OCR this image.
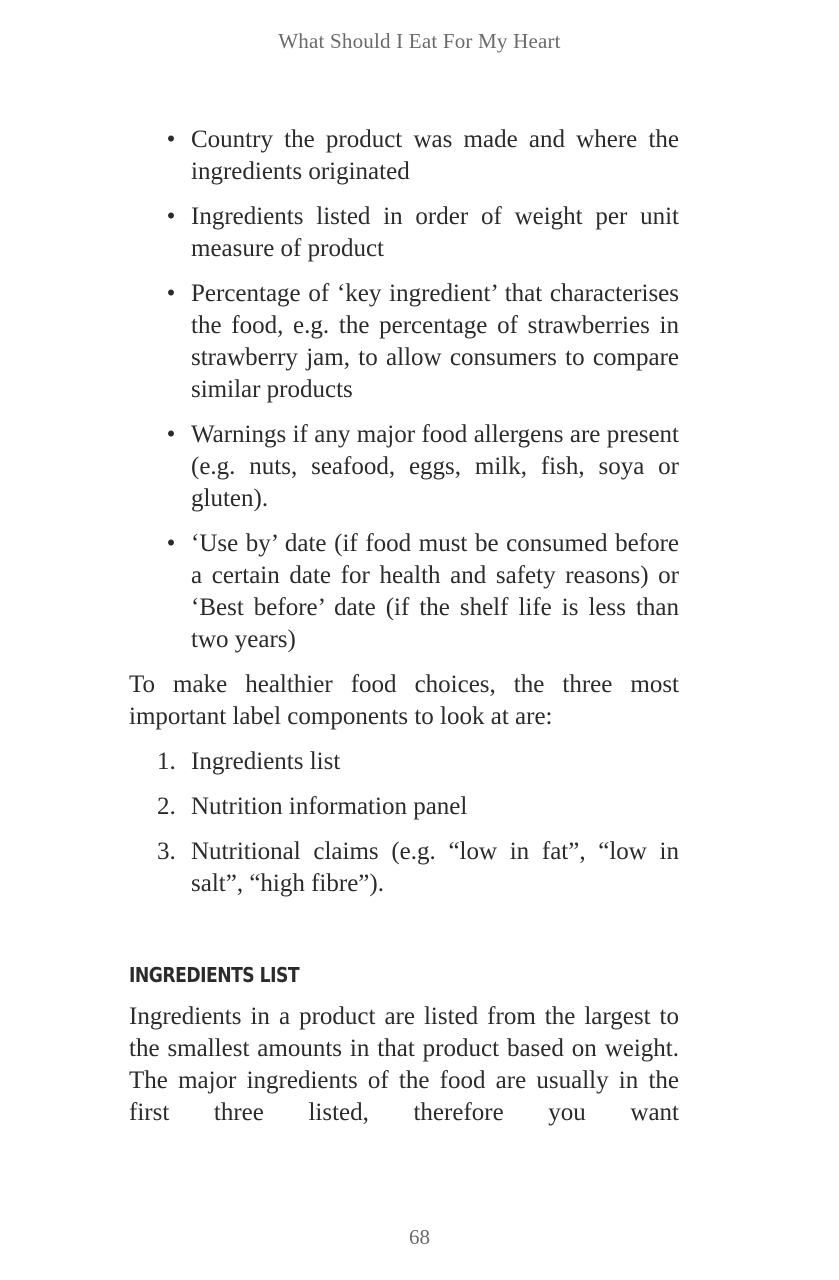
What Should I Eat For My Heart
• Country the product was made and where the ingredients originated
• Ingredients listed in order of weight per unit measure of product
• Percentage of ‘key ingredient’ that characterises the food, e.g. the percentage of strawberries in strawberry jam, to allow consumers to compare similar products
• Warnings if any major food allergens are present (e.g. nuts, seafood, eggs, milk, fish, soya or gluten).
• ‘Use by’ date (if food must be consumed before a certain date for health and safety reasons) or ‘Best before’ date (if the shelf life is less than two years)

To make healthier food choices, the three most important label components to look at are:

1. Ingredients list
2. Nutrition information panel
3. Nutritional claims (e.g. “low in fat”, “low in salt”, “high fibre”).
INGREDIENTS LIST

Ingredients in a product are listed from the largest to the smallest amounts in that product based on weight. The major ingredients of the food are usually in the first three listed, therefore you want

68
